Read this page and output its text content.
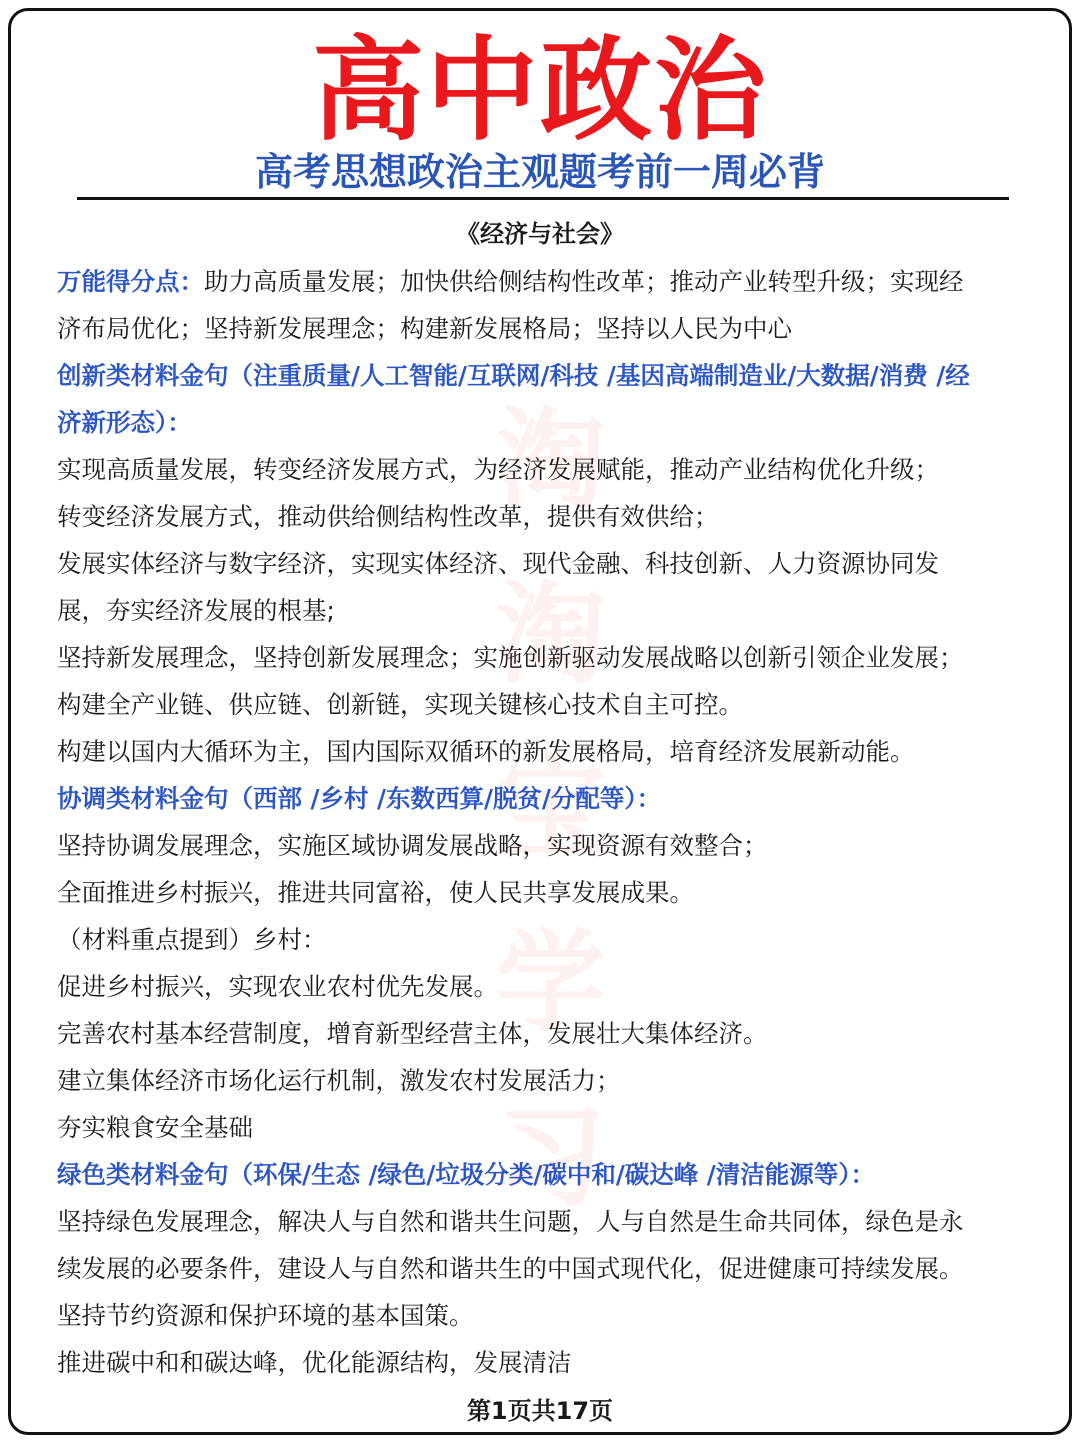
淘
淘
宝
学
习
高中政治
高考思想政治主观题考前一周必背
《经济与社会》
万能得分点：助力高质量发展；加快供给侧结构性改革；推动产业转型升级；实现经
济布局优化；坚持新发展理念；构建新发展格局；坚持以人民为中心
创新类材料金句（注重质量/人工智能/互联网/科技 /基因高端制造业/大数据/消费 /经
济新形态）：
实现高质量发展，转变经济发展方式，为经济发展赋能，推动产业结构优化升级；
转变经济发展方式，推动供给侧结构性改革，提供有效供给；
发展实体经济与数字经济，实现实体经济、现代金融、科技创新、人力资源协同发
展，夯实经济发展的根基;
坚持新发展理念，坚持创新发展理念；实施创新驱动发展战略以创新引领企业发展；
构建全产业链、供应链、创新链，实现关键核心技术自主可控。
构建以国内大循环为主，国内国际双循环的新发展格局，培育经济发展新动能。
协调类材料金句（西部 /乡村 /东数西算/脱贫/分配等）：
坚持协调发展理念，实施区域协调发展战略，实现资源有效整合；
全面推进乡村振兴，推进共同富裕，使人民共享发展成果。
（材料重点提到）乡村：
促进乡村振兴，实现农业农村优先发展。
完善农村基本经营制度，增育新型经营主体，发展壮大集体经济。
建立集体经济市场化运行机制，激发农村发展活力；
夯实粮食安全基础
绿色类材料金句（环保/生态 /绿色/垃圾分类/碳中和/碳达峰 /清洁能源等）：
坚持绿色发展理念，解决人与自然和谐共生问题，人与自然是生命共同体，绿色是永
续发展的必要条件，建设人与自然和谐共生的中国式现代化，促进健康可持续发展。
坚持节约资源和保护环境的基本国策。
推进碳中和和碳达峰，优化能源结构，发展清洁
第1页共17页
